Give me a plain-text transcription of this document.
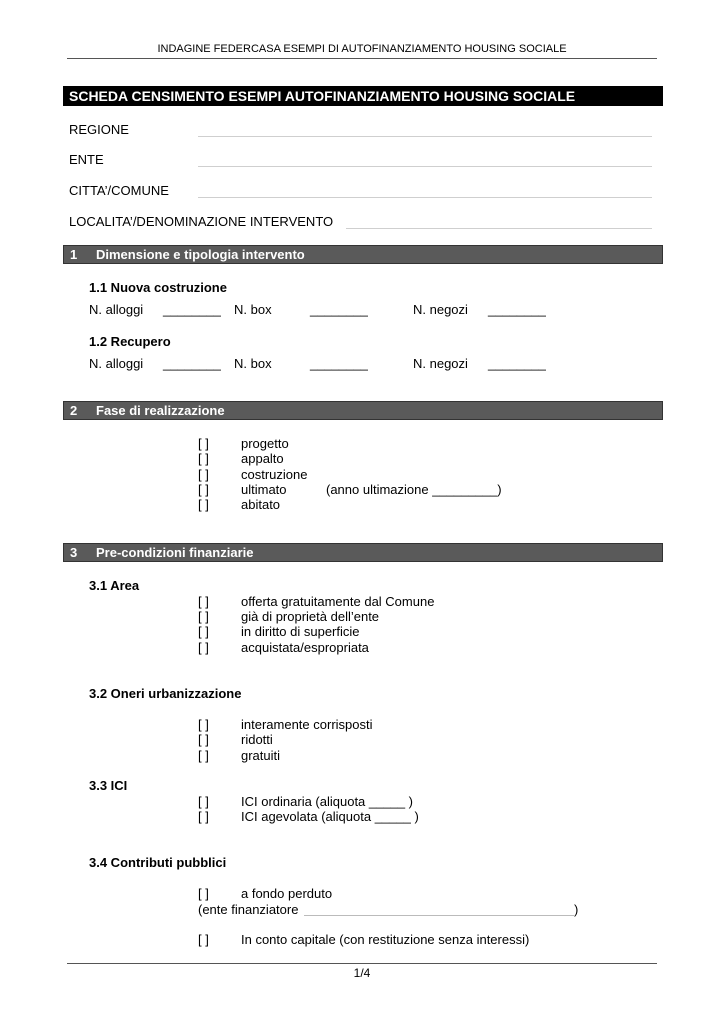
INDAGINE FEDERCASA ESEMPI DI AUTOFINANZIAMENTO HOUSING SOCIALE
SCHEDA CENSIMENTO ESEMPI AUTOFINANZIAMENTO HOUSING SOCIALE
REGIONE
ENTE
CITTA’/COMUNE
LOCALITA’/DENOMINAZIONE INTERVENTO
1 Dimensione e tipologia intervento
1.1 Nuova costruzione
N. alloggi ________ N. box	________	N. negozi ________
1.2 Recupero
N. alloggi ________ N. box	________	N. negozi ________
2 Fase di realizzazione
[ ] progetto
[ ] appalto
[ ] costruzione
[ ] ultimato	(anno ultimazione _________)
[ ] abitato
3 Pre-condizioni finanziarie
3.1 Area
[ ] offerta gratuitamente dal Comune
[ ] già di proprietà dell’ente
[ ] in diritto di superficie
[ ] acquistata/espropriata
3.2 Oneri urbanizzazione
[ ] interamente corrisposti
[ ] ridotti
[ ] gratuiti
3.3 ICI
[ ] ICI ordinaria (aliquota _____ )
[ ] ICI agevolata (aliquota _____ )
3.4 Contributi pubblici
[ ] a fondo perduto
(ente finanziatore	)
[ ] In conto capitale (con restituzione senza interessi)
1/4
